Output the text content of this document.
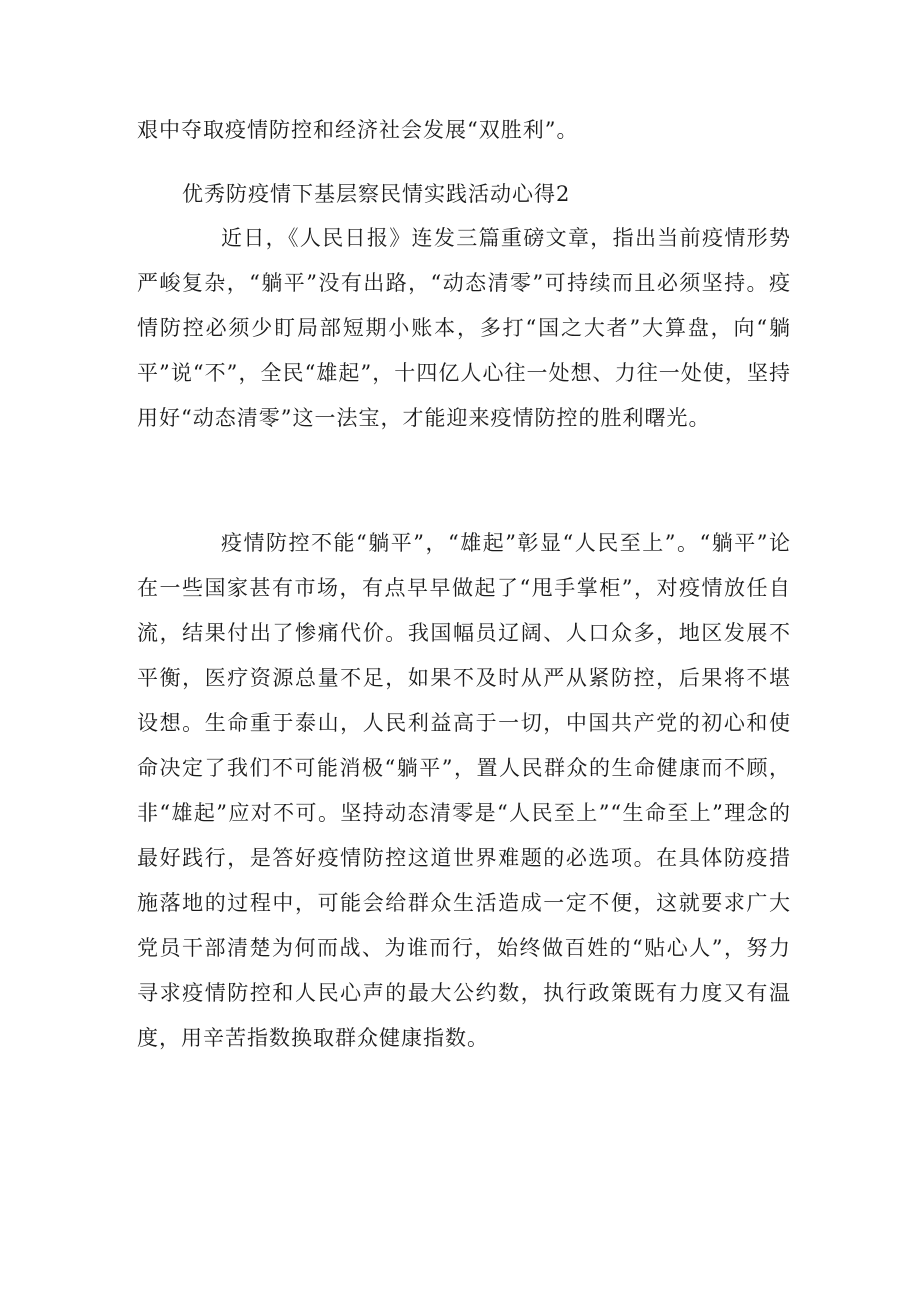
艰中夺取疫情防控和经济社会发展“双胜利”。

优秀防疫情下基层察民情实践活动心得2

近日，《人民日报》连发三篇重磅文章，指出当前疫情形势严峻复杂，“躺平”没有出路，“动态清零”可持续而且必须坚持。疫情防控必须少盯局部短期小账本，多打“国之大者”大算盘，向“躺平”说“不”，全民“雄起”，十四亿人心往一处想、力往一处使，坚持用好“动态清零”这一法宝，才能迎来疫情防控的胜利曙光。

疫情防控不能“躺平”，“雄起”彰显“人民至上”。“躺平”论在一些国家甚有市场，有点早早做起了“甩手掌柜”，对疫情放任自流，结果付出了惨痛代价。我国幅员辽阔、人口众多，地区发展不平衡，医疗资源总量不足，如果不及时从严从紧防控，后果将不堪设想。生命重于泰山，人民利益高于一切，中国共产党的初心和使命决定了我们不可能消极“躺平”，置人民群众的生命健康而不顾，非“雄起”应对不可。坚持动态清零是“人民至上”“生命至上”理念的最好践行，是答好疫情防控这道世界难题的必选项。在具体防疫措施落地的过程中，可能会给群众生活造成一定不便，这就要求广大党员干部清楚为何而战、为谁而行，始终做百姓的“贴心人”，努力寻求疫情防控和人民心声的最大公约数，执行政策既有力度又有温度，用辛苦指数换取群众健康指数。
